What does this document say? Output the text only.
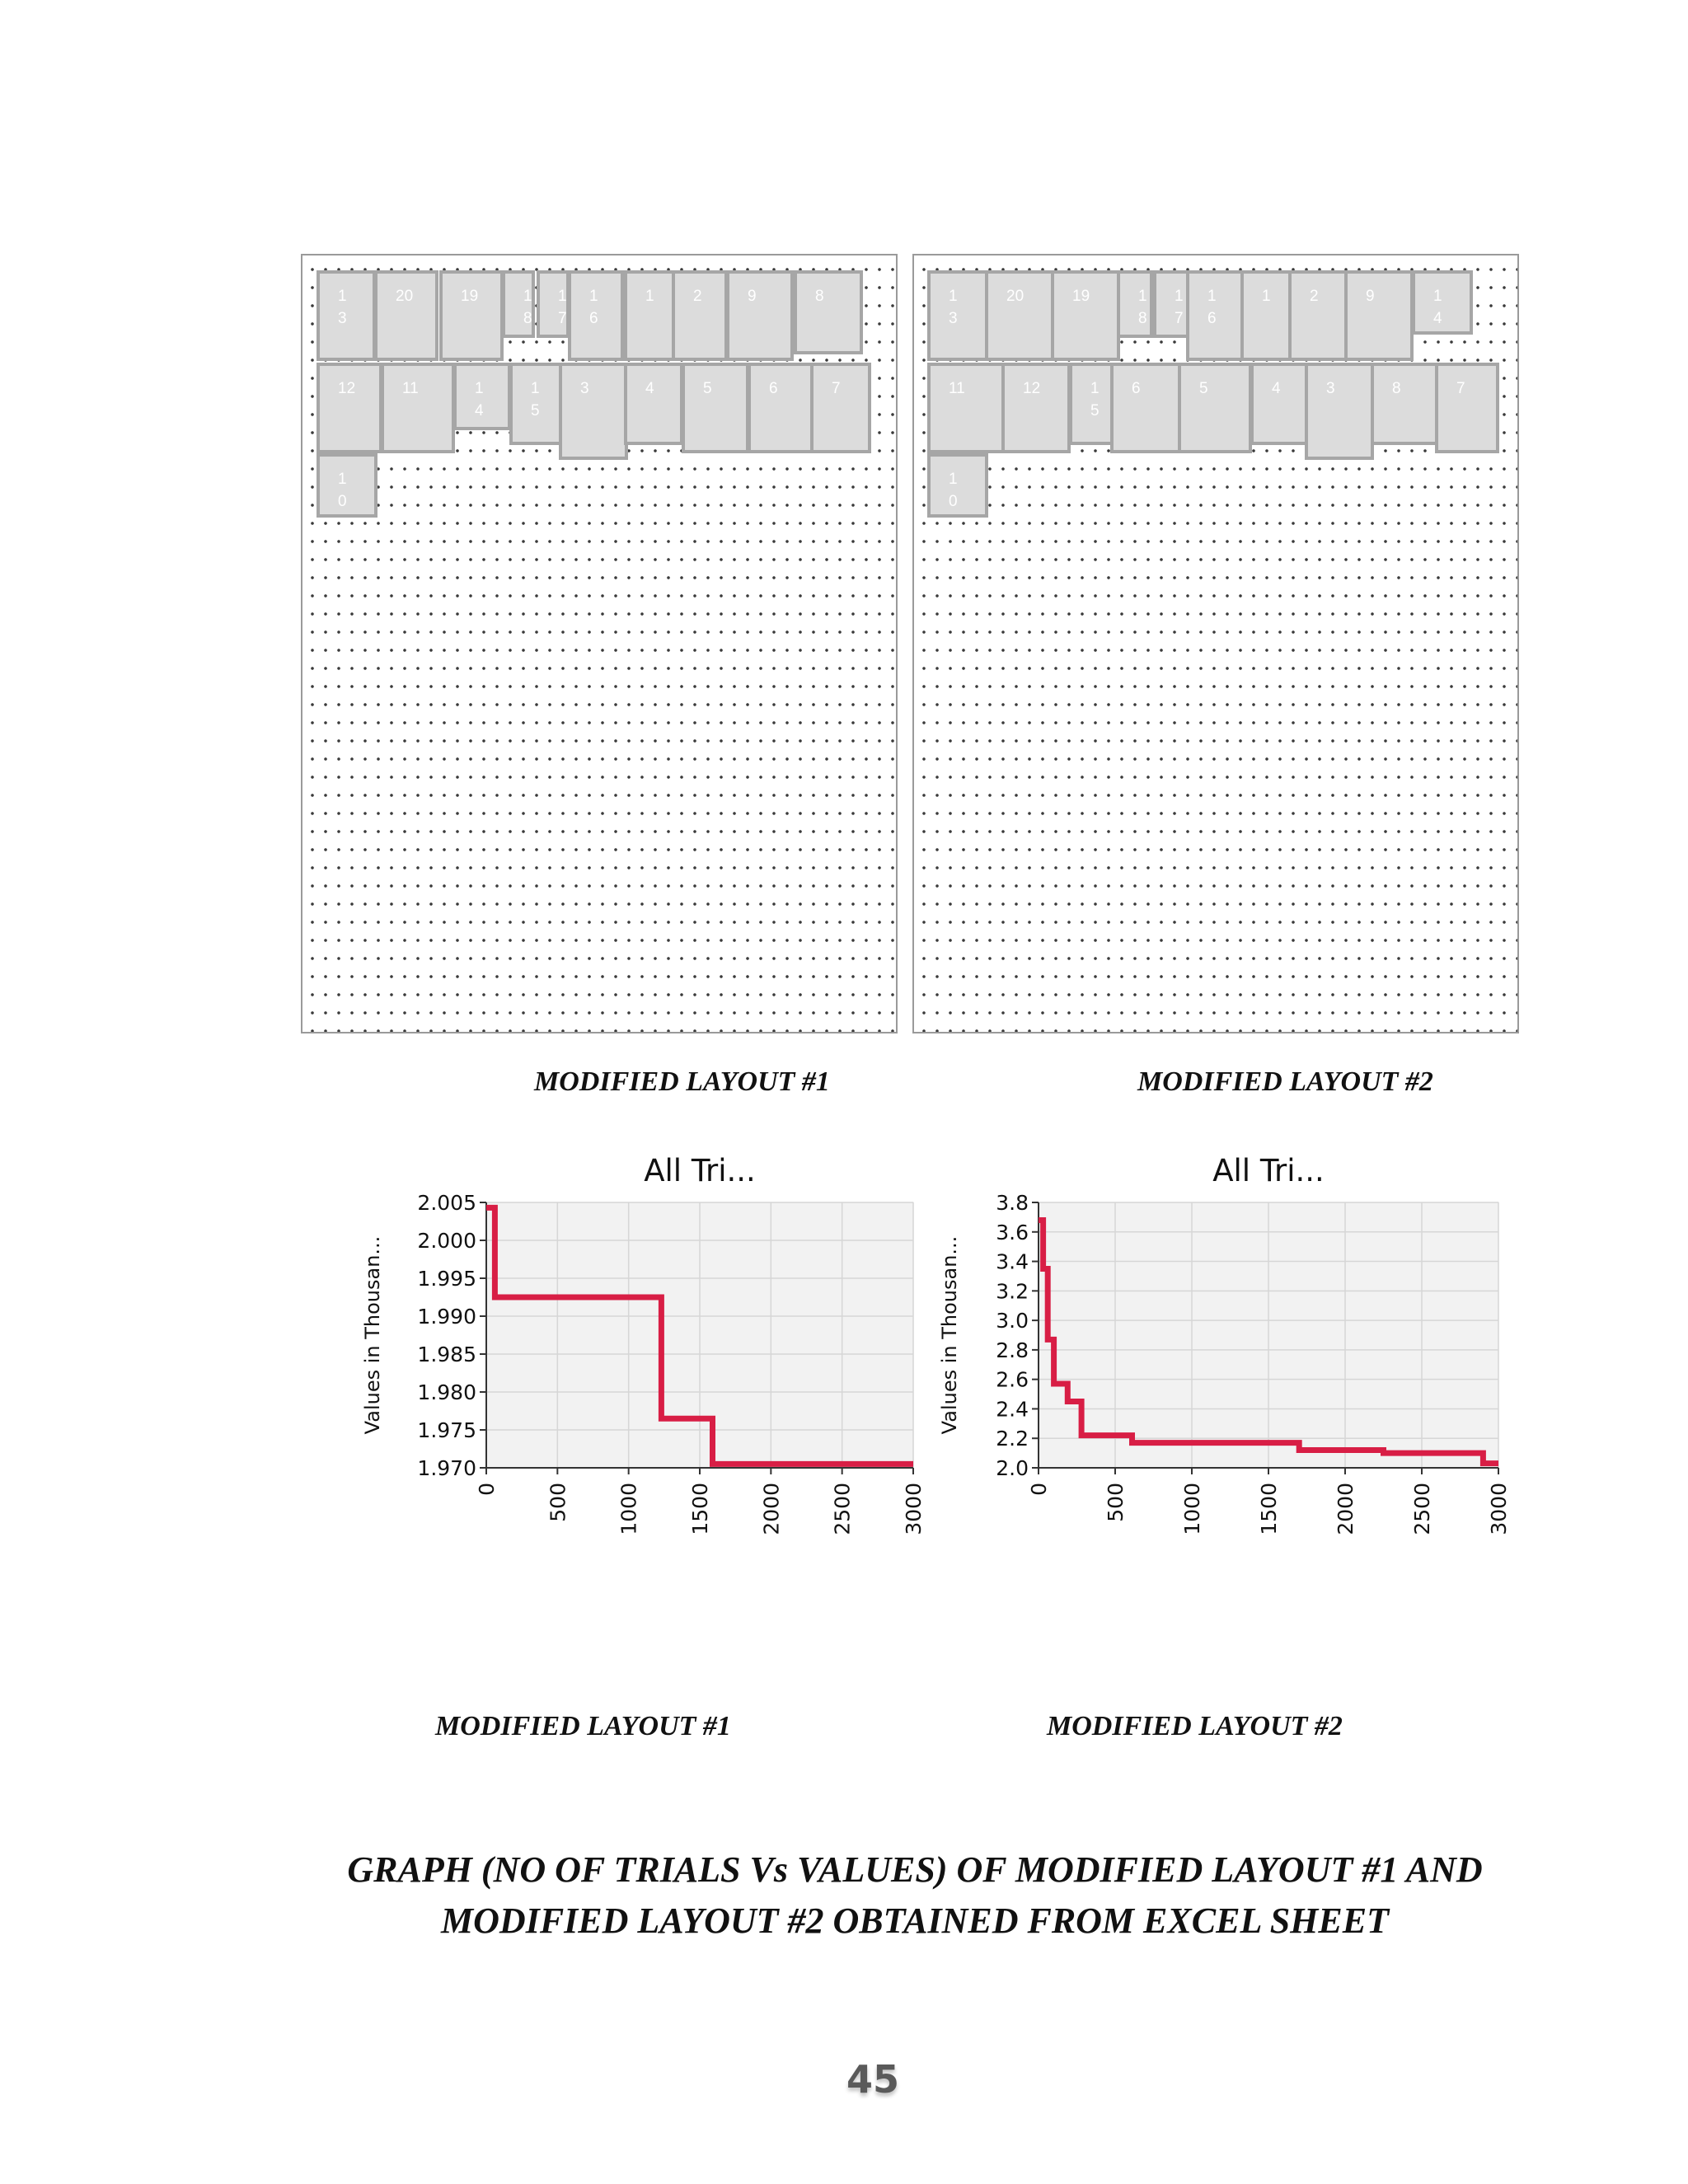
1
3
20	19	1
8
1
7
1
6
1 2	9	8
12	11	1
4
1
5
3	4	5	6	7
1
0
1
3
20	19	1
8
1
7
1
6
1 2	9	1
4
11	12	1
5
6	5	4	3	8	7
1
0
MODIFIED LAYOUT #1	MODIFIED LAYOUT #2
All Tri...
0 500 1000 1500 2000 2500 3000
1.970
1.975
1.980
1.985
1.990
1.995
2.000
2.005
Values in Thousan...
All Tri...
0	500	1000	1500	2000	2500	3000
2.0
2.2
2.4
2.6
2.8
3.0
3.2
3.4
3.6
3.8
Values in Thousan...
MODIFIED LAYOUT #1	MODIFIED LAYOUT #2
GRAPH (NO OF TRIALS Vs VALUES) OF MODIFIED LAYOUT #1 AND
MODIFIED LAYOUT #2 OBTAINED FROM EXCEL SHEET
45
